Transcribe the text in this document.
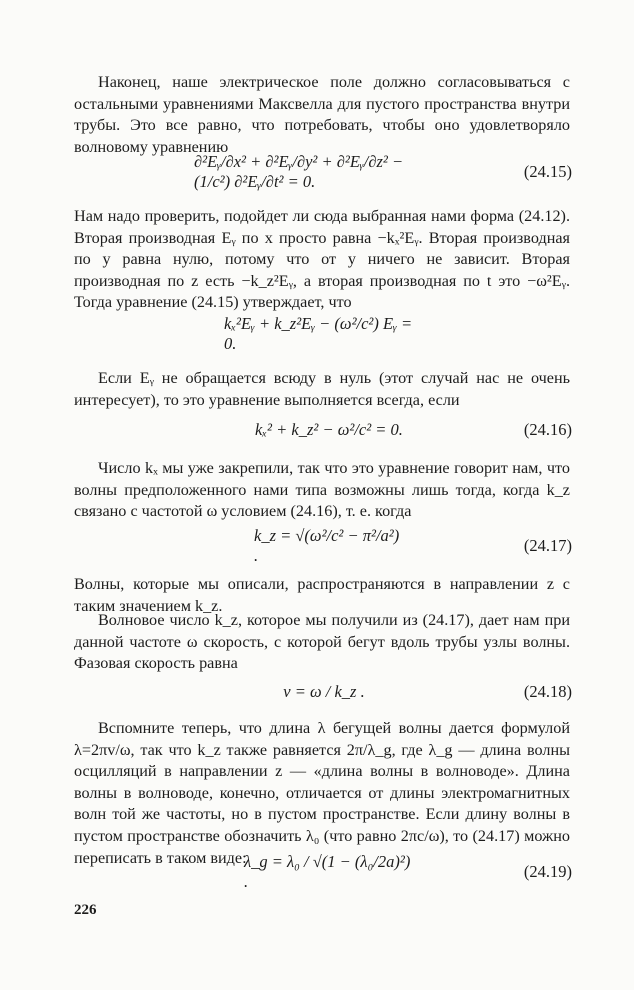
Наконец, наше электрическое поле должно согласовываться с остальными уравнениями Максвелла для пустого пространства внутри трубы. Это все равно, что потребовать, чтобы оно удовлетворяло волновому уравнению

∂²Eᵧ/∂x² + ∂²Eᵧ/∂y² + ∂²Eᵧ/∂z² − (1/c²) ∂²Eᵧ/∂t² = 0.
(24.15)

Нам надо проверить, подойдет ли сюда выбранная нами форма (24.12). Вторая производная Eᵧ по x просто равна −kₓ²Eᵧ. Вторая производная по y равна нулю, потому что от y ничего не зависит. Вторая производная по z есть −k_z²Eᵧ, а вторая производная по t это −ω²Eᵧ. Тогда уравнение (24.15) утверждает, что

kₓ²Eᵧ + k_z²Eᵧ − (ω²/c²) Eᵧ = 0.

Если Eᵧ не обращается всюду в нуль (этот случай нас не очень интересует), то это уравнение выполняется всегда, если

kₓ² + k_z² − ω²/c² = 0.	(24.16)

Число kₓ мы уже закрепили, так что это уравнение говорит нам, что волны предположенного нами типа возможны лишь тогда, когда k_z связано с частотой ω условием (24.16), т. е. когда

k_z = √(ω²/c² − π²/a²) .
(24.17)

Волны, которые мы описали, распространяются в направлении z с таким значением k_z.

Волновое число k_z, которое мы получили из (24.17), дает нам при данной частоте ω скорость, с которой бегут вдоль трубы узлы волны. Фазовая скорость равна

v = ω / k_z .	(24.18)

Вспомните теперь, что длина λ бегущей волны дается формулой λ=2πv/ω, так что k_z также равняется 2π/λ_g, где λ_g — длина волны осцилляций в направлении z — «длина волны в волноводе». Длина волны в волноводе, конечно, отличается от длины электромагнитных волн той же частоты, но в пустом пространстве. Если длину волны в пустом пространстве обозначить λ₀ (что равно 2πc/ω), то (24.17) можно переписать в таком виде:

λ_g = λ₀ / √(1 − (λ₀/2a)²) .
(24.19)
226
